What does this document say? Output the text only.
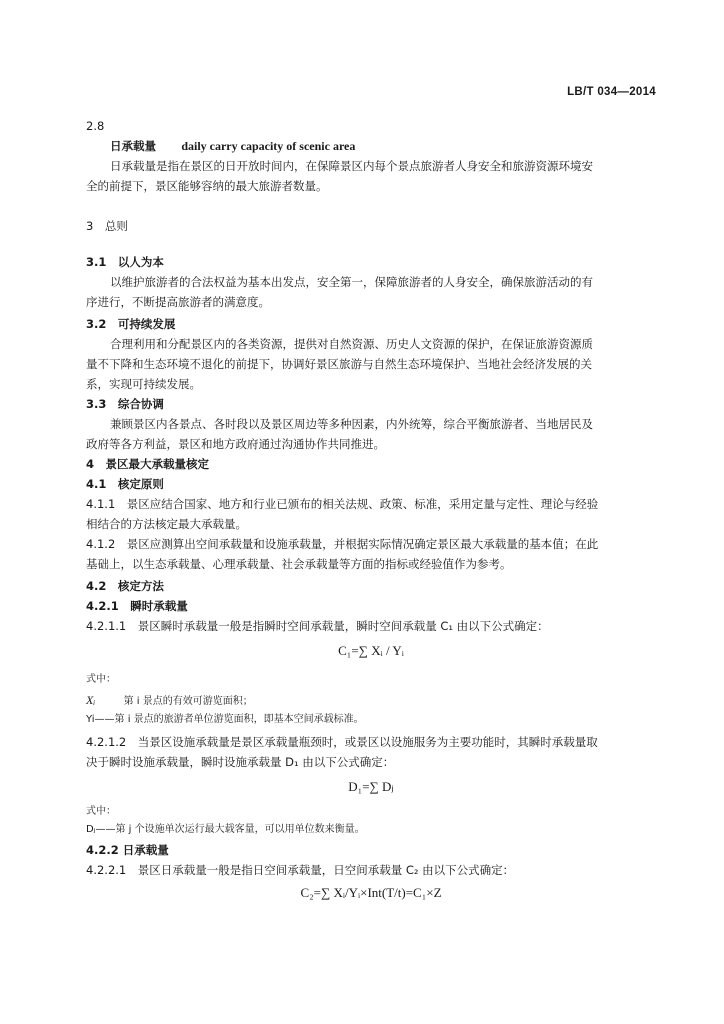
LB/T 034—2014
2.8
日承载量 daily carry capacity of scenic area
日承载量是指在景区的日开放时间内，在保障景区内每个景点旅游者人身安全和旅游资源环境安
全的前提下，景区能够容纳的最大旅游者数量。
3　总则
3.1　以人为本
以维护旅游者的合法权益为基本出发点，安全第一，保障旅游者的人身安全，确保旅游活动的有
序进行，不断提高旅游者的满意度。
3.2　可持续发展
合理利用和分配景区内的各类资源，提供对自然资源、历史人文资源的保护，在保证旅游资源质
量不下降和生态环境不退化的前提下，协调好景区旅游与自然生态环境保护、当地社会经济发展的关
系，实现可持续发展。
3.3　综合协调
兼顾景区内各景点、各时段以及景区周边等多种因素，内外统筹，综合平衡旅游者、当地居民及
政府等各方利益，景区和地方政府通过沟通协作共同推进。
4　景区最大承载量核定
4.1　核定原则
4.1.1　景区应结合国家、地方和行业已颁布的相关法规、政策、标准，采用定量与定性、理论与经验
相结合的方法核定最大承载量。
4.1.2　景区应测算出空间承载量和设施承载量，并根据实际情况确定景区最大承载量的基本值；在此
基础上，以生态承载量、心理承载量、社会承载量等方面的指标或经验值作为参考。
4.2　核定方法
4.2.1　瞬时承载量
4.2.1.1　景区瞬时承载量一般是指瞬时空间承载量，瞬时空间承载量 C₁ 由以下公式确定：
C₁=∑ Xᵢ / Yᵢ
式中：
Xᵢ	第 i 景点的有效可游览面积；
Yi——第 i 景点的旅游者单位游览面积，即基本空间承载标准。
4.2.1.2　当景区设施承载量是景区承载量瓶颈时，或景区以设施服务为主要功能时，其瞬时承载量取
决于瞬时设施承载量，瞬时设施承载量 D₁ 由以下公式确定：
D₁=∑ Dⱼ
式中：
Dⱼ——第 j 个设施单次运行最大载客量，可以用单位数来衡量。
4.2.2 日承载量
4.2.2.1　景区日承载量一般是指日空间承载量，日空间承载量 C₂ 由以下公式确定：
C₂=∑ Xᵢ/Yᵢ×Int(T/t)=C₁×Z
